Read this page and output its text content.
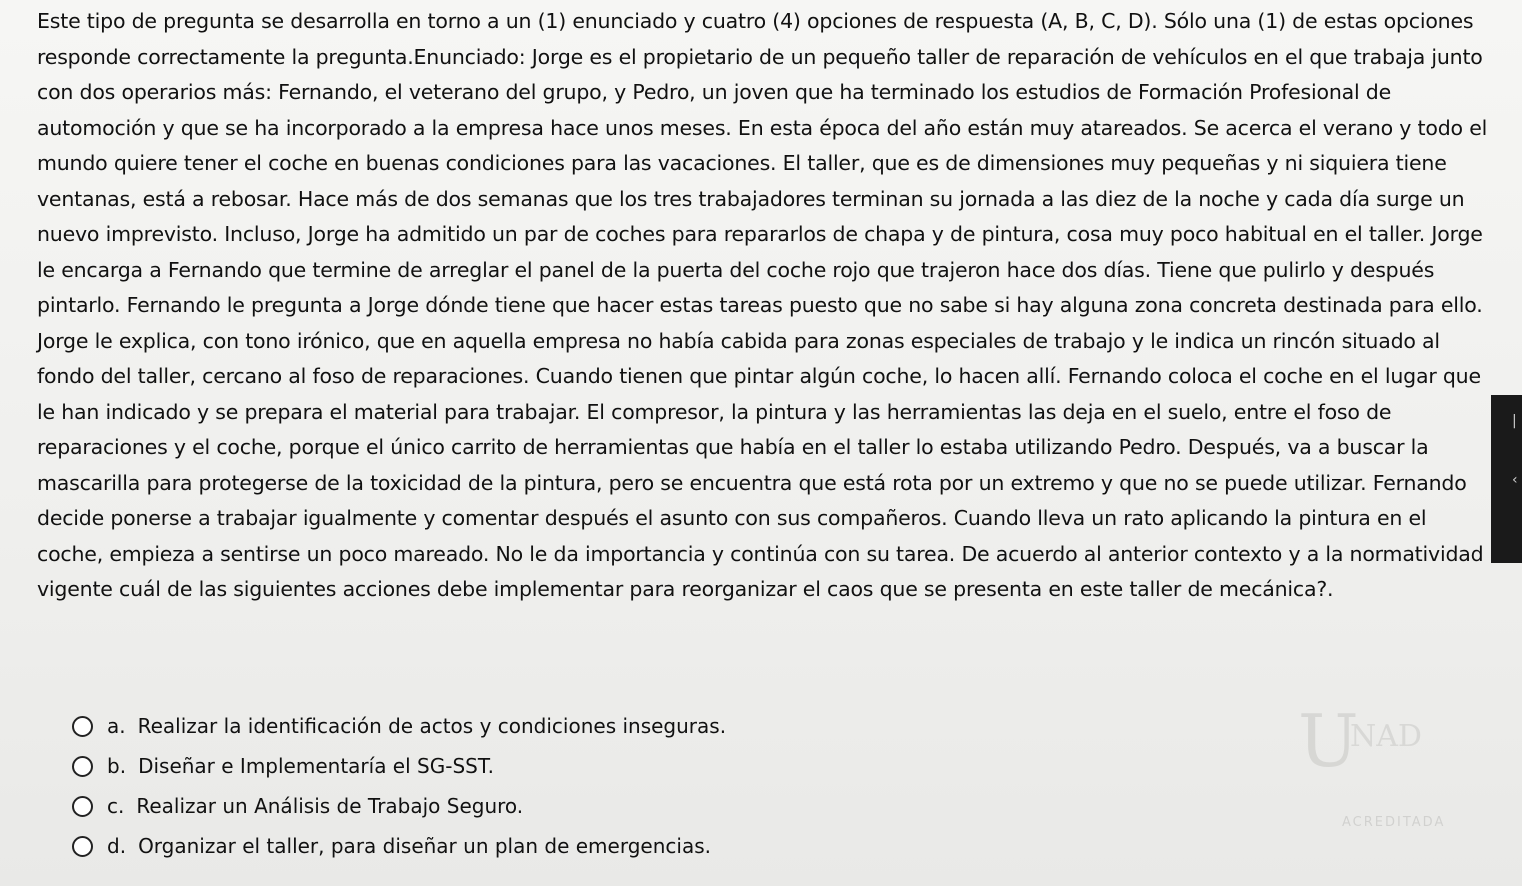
Este tipo de pregunta se desarrolla en torno a un (1) enunciado y cuatro (4) opciones de respuesta (A, B, C, D). Sólo una (1) de estas opciones responde correctamente la pregunta.Enunciado: Jorge es el propietario de un pequeño taller de reparación de vehículos en el que trabaja junto con dos operarios más: Fernando, el veterano del grupo, y Pedro, un joven que ha terminado los estudios de Formación Profesional de automoción y que se ha incorporado a la empresa hace unos meses. En esta época del año están muy atareados. Se acerca el verano y todo el mundo quiere tener el coche en buenas condiciones para las vacaciones. El taller, que es de dimensiones muy pequeñas y ni siquiera tiene ventanas, está a rebosar. Hace más de dos semanas que los tres trabajadores terminan su jornada a las diez de la noche y cada día surge un nuevo imprevisto. Incluso, Jorge ha admitido un par de coches para repararlos de chapa y de pintura, cosa muy poco habitual en el taller. Jorge le encarga a Fernando que termine de arreglar el panel de la puerta del coche rojo que trajeron hace dos días. Tiene que pulirlo y después pintarlo. Fernando le pregunta a Jorge dónde tiene que hacer estas tareas puesto que no sabe si hay alguna zona concreta destinada para ello. Jorge le explica, con tono irónico, que en aquella empresa no había cabida para zonas especiales de trabajo y le indica un rincón situado al fondo del taller, cercano al foso de reparaciones. Cuando tienen que pintar algún coche, lo hacen allí. Fernando coloca el coche en el lugar que le han indicado y se prepara el material para trabajar. El compresor, la pintura y las herramientas las deja en el suelo, entre el foso de reparaciones y el coche, porque el único carrito de herramientas que había en el taller lo estaba utilizando Pedro. Después, va a buscar la mascarilla para protegerse de la toxicidad de la pintura, pero se encuentra que está rota por un extremo y que no se puede utilizar. Fernando decide ponerse a trabajar igualmente y comentar después el asunto con sus compañeros. Cuando lleva un rato aplicando la pintura en el coche, empieza a sentirse un poco mareado. No le da importancia y continúa con su tarea. De acuerdo al anterior contexto y a la normatividad vigente cuál de las siguientes acciones debe implementar para reorganizar el caos que se presenta en este taller de mecánica?.

a. Realizar la identificación de actos y condiciones inseguras.
b. Diseñar e Implementaría el SG-SST.
c. Realizar un Análisis de Trabajo Seguro.
d. Organizar el taller, para diseñar un plan de emergencias.
U
NAD
ACREDITADA
|
‹
